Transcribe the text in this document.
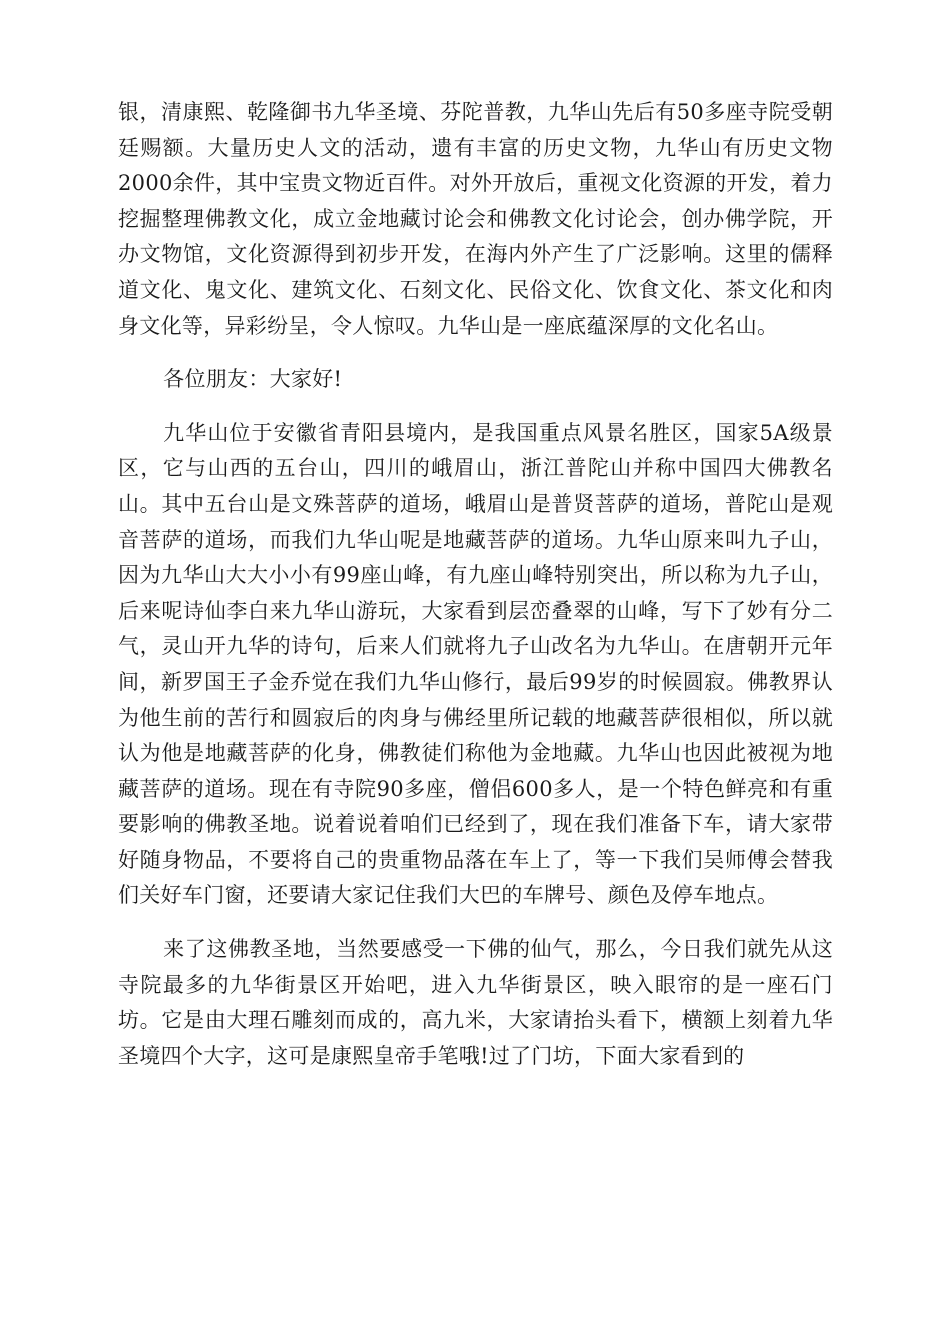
银，清康熙、乾隆御书九华圣境、芬陀普教，九华山先后有50多座寺院受朝廷赐额。大量历史人文的活动，遗有丰富的历史文物，九华山有历史文物2000余件，其中宝贵文物近百件。对外开放后，重视文化资源的开发，着力挖掘整理佛教文化，成立金地藏讨论会和佛教文化讨论会，创办佛学院，开办文物馆，文化资源得到初步开发，在海内外产生了广泛影响。这里的儒释道文化、鬼文化、建筑文化、石刻文化、民俗文化、饮食文化、茶文化和肉身文化等，异彩纷呈，令人惊叹。九华山是一座底蕴深厚的文化名山。

各位朋友：大家好!

九华山位于安徽省青阳县境内，是我国重点风景名胜区，国家5A级景区，它与山西的五台山，四川的峨眉山，浙江普陀山并称中国四大佛教名山。其中五台山是文殊菩萨的道场，峨眉山是普贤菩萨的道场，普陀山是观音菩萨的道场，而我们九华山呢是地藏菩萨的道场。九华山原来叫九子山，因为九华山大大小小有99座山峰，有九座山峰特别突出，所以称为九子山，后来呢诗仙李白来九华山游玩，大家看到层峦叠翠的山峰，写下了妙有分二气，灵山开九华的诗句，后来人们就将九子山改名为九华山。在唐朝开元年间，新罗国王子金乔觉在我们九华山修行，最后99岁的时候圆寂。佛教界认为他生前的苦行和圆寂后的肉身与佛经里所记载的地藏菩萨很相似，所以就认为他是地藏菩萨的化身，佛教徒们称他为金地藏。九华山也因此被视为地藏菩萨的道场。现在有寺院90多座，僧侣600多人，是一个特色鲜亮和有重要影响的佛教圣地。说着说着咱们已经到了，现在我们准备下车，请大家带好随身物品，不要将自己的贵重物品落在车上了，等一下我们吴师傅会替我们关好车门窗，还要请大家记住我们大巴的车牌号、颜色及停车地点。

来了这佛教圣地，当然要感受一下佛的仙气，那么，今日我们就先从这寺院最多的九华街景区开始吧，进入九华街景区，映入眼帘的是一座石门坊。它是由大理石雕刻而成的，高九米，大家请抬头看下，横额上刻着九华圣境四个大字，这可是康熙皇帝手笔哦!过了门坊，下面大家看到的
